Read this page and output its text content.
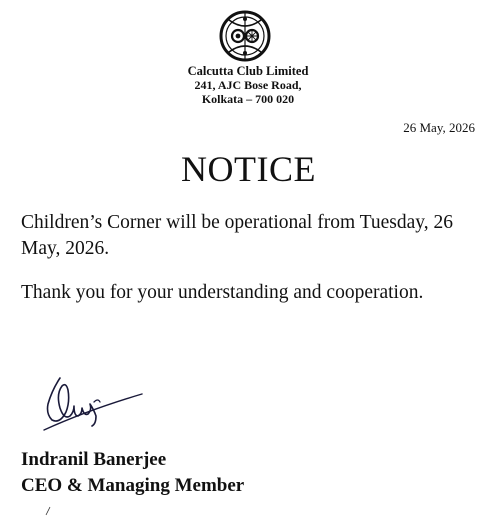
Calcutta Club Limited
241, AJC Bose Road,
Kolkata – 700 020
26 May, 2026
NOTICE
Children’s Corner will be operational from Tuesday, 26 May, 2026.
Thank you for your understanding and cooperation.
Indranil Banerjee
CEO & Managing Member
